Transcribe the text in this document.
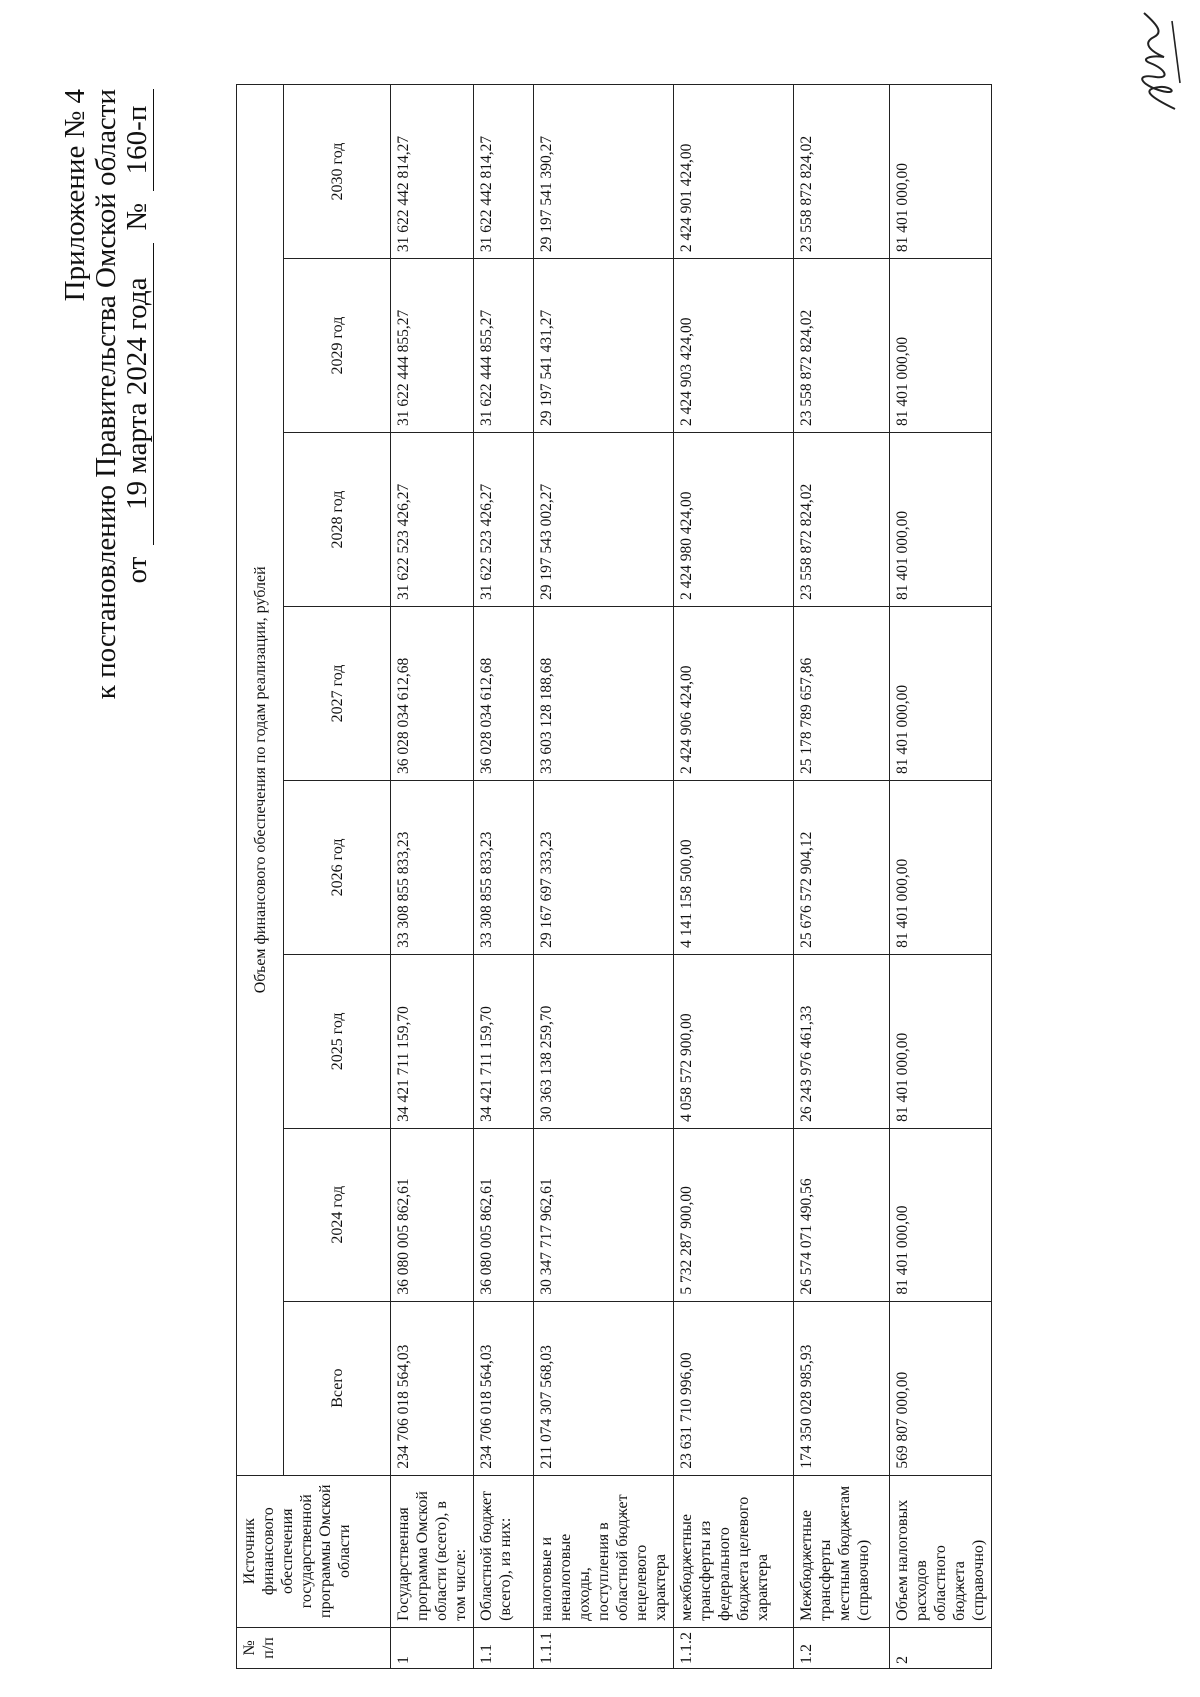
Приложение № 4 к постановлению Правительства Омской области от
19 марта 2024 года
№
160-п
№ п/п	Источник финансового обеспечения государственной программы Омской области	Объем финансового обеспечения по годам реализации, рублей							
		Всего	2024 год	2025 год	2026 год	2027 год	2028 год	2029 год	2030 год
1	Государственная программа Омской области (всего), в том числе:	234 706 018 564,03	36 080 005 862,61	34 421 711 159,70	33 308 855 833,23	36 028 034 612,68	31 622 523 426,27	31 622 444 855,27	31 622 442 814,27
1.1	Областной бюджет (всего), из них:	234 706 018 564,03	36 080 005 862,61	34 421 711 159,70	33 308 855 833,23	36 028 034 612,68	31 622 523 426,27	31 622 444 855,27	31 622 442 814,27
1.1.1	налоговые и неналоговые доходы, поступления в областной бюджет нецелевого характера	211 074 307 568,03	30 347 717 962,61	30 363 138 259,70	29 167 697 333,23	33 603 128 188,68	29 197 543 002,27	29 197 541 431,27	29 197 541 390,27
1.1.2	межбюджетные трансферты из федерального бюджета целевого характера	23 631 710 996,00	5 732 287 900,00	4 058 572 900,00	4 141 158 500,00	2 424 906 424,00	2 424 980 424,00	2 424 903 424,00	2 424 901 424,00
1.2	Межбюджетные трансферты местным бюджетам (справочно)	174 350 028 985,93	26 574 071 490,56	26 243 976 461,33	25 676 572 904,12	25 178 789 657,86	23 558 872 824,02	23 558 872 824,02	23 558 872 824,02
2	Объем налоговых расходов областного бюджета (справочно)	569 807 000,00	81 401 000,00	81 401 000,00	81 401 000,00	81 401 000,00	81 401 000,00	81 401 000,00	81 401 000,00
